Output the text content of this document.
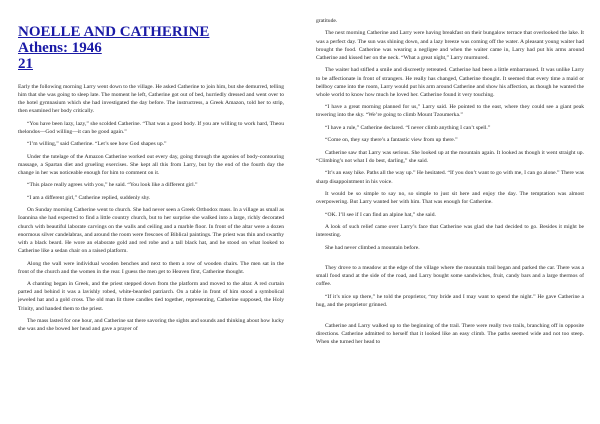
NOELLE AND CATHERINE
Athens: 1946
21

Early the following morning Larry went down to the village. He asked Catherine to join him, but she demurred, telling him that she was going to sleep late. The moment he left, Catherine got out of bed, hurriedly dressed and went over to the hotel gymnasium which she had investigated the day before. The instructress, a Greek Amazon, told her to strip, then examined her body critically.

“You have been lazy, lazy,” she scolded Catherine. “That was a good body. If you are willing to work hard, Theou thelondos—God willing—it can be good again.”

“I’m willing,” said Catherine. “Let’s see how God shapes up.”

Under the tutelage of the Amazon Catherine worked out every day, going through the agonies of body-contouring massage, a Spartan diet and grueling exercises. She kept all this from Larry, but by the end of the fourth day the change in her was noticeable enough for him to comment on it.

“This place really agrees with you,” he said. “You look like a different girl.”

“I am a different girl,” Catherine replied, suddenly shy.

On Sunday morning Catherine went to church. She had never seen a Greek Orthodox mass. In a village as small as Ioannina she had expected to find a little country church, but to her surprise she walked into a large, richly decorated church with beautiful laborate carvings on the walls and ceiling and a marble floor. In front of the altar were a dozen enormous silver candelabras, and around the room were frescoes of Biblical paintings. The priest was thin and swarthy with a black beard. He wore an elaborate gold and red robe and a tall black hat, and he stood on what looked to Catherine like a sedan chair on a raised platform.

Along the wall were individual wooden benches and next to them a row of wooden chairs. The men sat in the front of the church and the women in the rear. I guess the men get to Heaven first, Catherine thought.

A chanting began in Greek, and the priest stepped down from the platform and moved to the altar. A red curtain parted and behind it was a lavishly robed, white-bearded patriarch. On a table in front of him stood a symbolical jeweled hat and a gold cross. The old man lit three candles tied together, representing, Catherine supposed, the Holy Trinity, and handed them to the priest.

The mass lasted for one hour, and Catherine sat there savoring the sights and sounds and thinking about how lucky she was and she bowed her head and gave a prayer of

gratitude.

The next morning Catherine and Larry were having breakfast on their bungalow terrace that overlooked the lake. It was a perfect day. The sun was shining down, and a lazy breeze was coming off the water. A pleasant young waiter had brought the food. Catherine was wearing a negligee and when the waiter came in, Larry had put his arms around Catherine and kissed her on the neck. “What a great night,” Larry murmured.

The waiter had stifled a smile and discreetly retreated. Catherine had been a little embarrassed. It was unlike Larry to be affectionate in front of strangers. He really has changed, Catherine thought. It seemed that every time a maid or bellboy came into the room, Larry would put his arm around Catherine and show his affection, as though he wanted the whole world to know how much he loved her. Catherine found it very touching.

“I have a great morning planned for us,” Larry said. He pointed to the east, where they could see a giant peak towering into the sky. “We’re going to climb Mount Tzoumerka.”

“I have a rule,” Catherine declared. “I never climb anything I can’t spell.”

“Come on, they say there’s a fantastic view from up there.”

Catherine saw that Larry was serious. She looked up at the mountain again. It looked as though it went straight up. “Climbing’s not what I do best, darling,” she said.

“It’s an easy hike. Paths all the way up.” He hesitated. “If you don’t want to go with me, I can go alone.” There was sharp disappointment in his voice.

It would be so simple to say no, so simple to just sit here and enjoy the day. The temptation was almost overpowering. But Larry wanted her with him. That was enough for Catherine.

“OK. I’ll see if I can find an alpine hat,” she said.

A look of such relief came over Larry’s face that Catherine was glad she had decided to go. Besides it might be interesting.

She had never climbed a mountain before.

They drove to a meadow at the edge of the village where the mountain trail began and parked the car. There was a small food stand at the side of the road, and Larry bought some sandwiches, fruit, candy bars and a large thermos of coffee.

“If it’s nice up there,” he told the proprietor, “my bride and I may want to spend the night.” He gave Catherine a hug, and the proprietor grinned.

Catherine and Larry walked up to the beginning of the trail. There were really two trails, branching off in opposite directions. Catherine admitted to herself that it looked like an easy climb. The paths seemed wide and not too steep. When she turned her head to
